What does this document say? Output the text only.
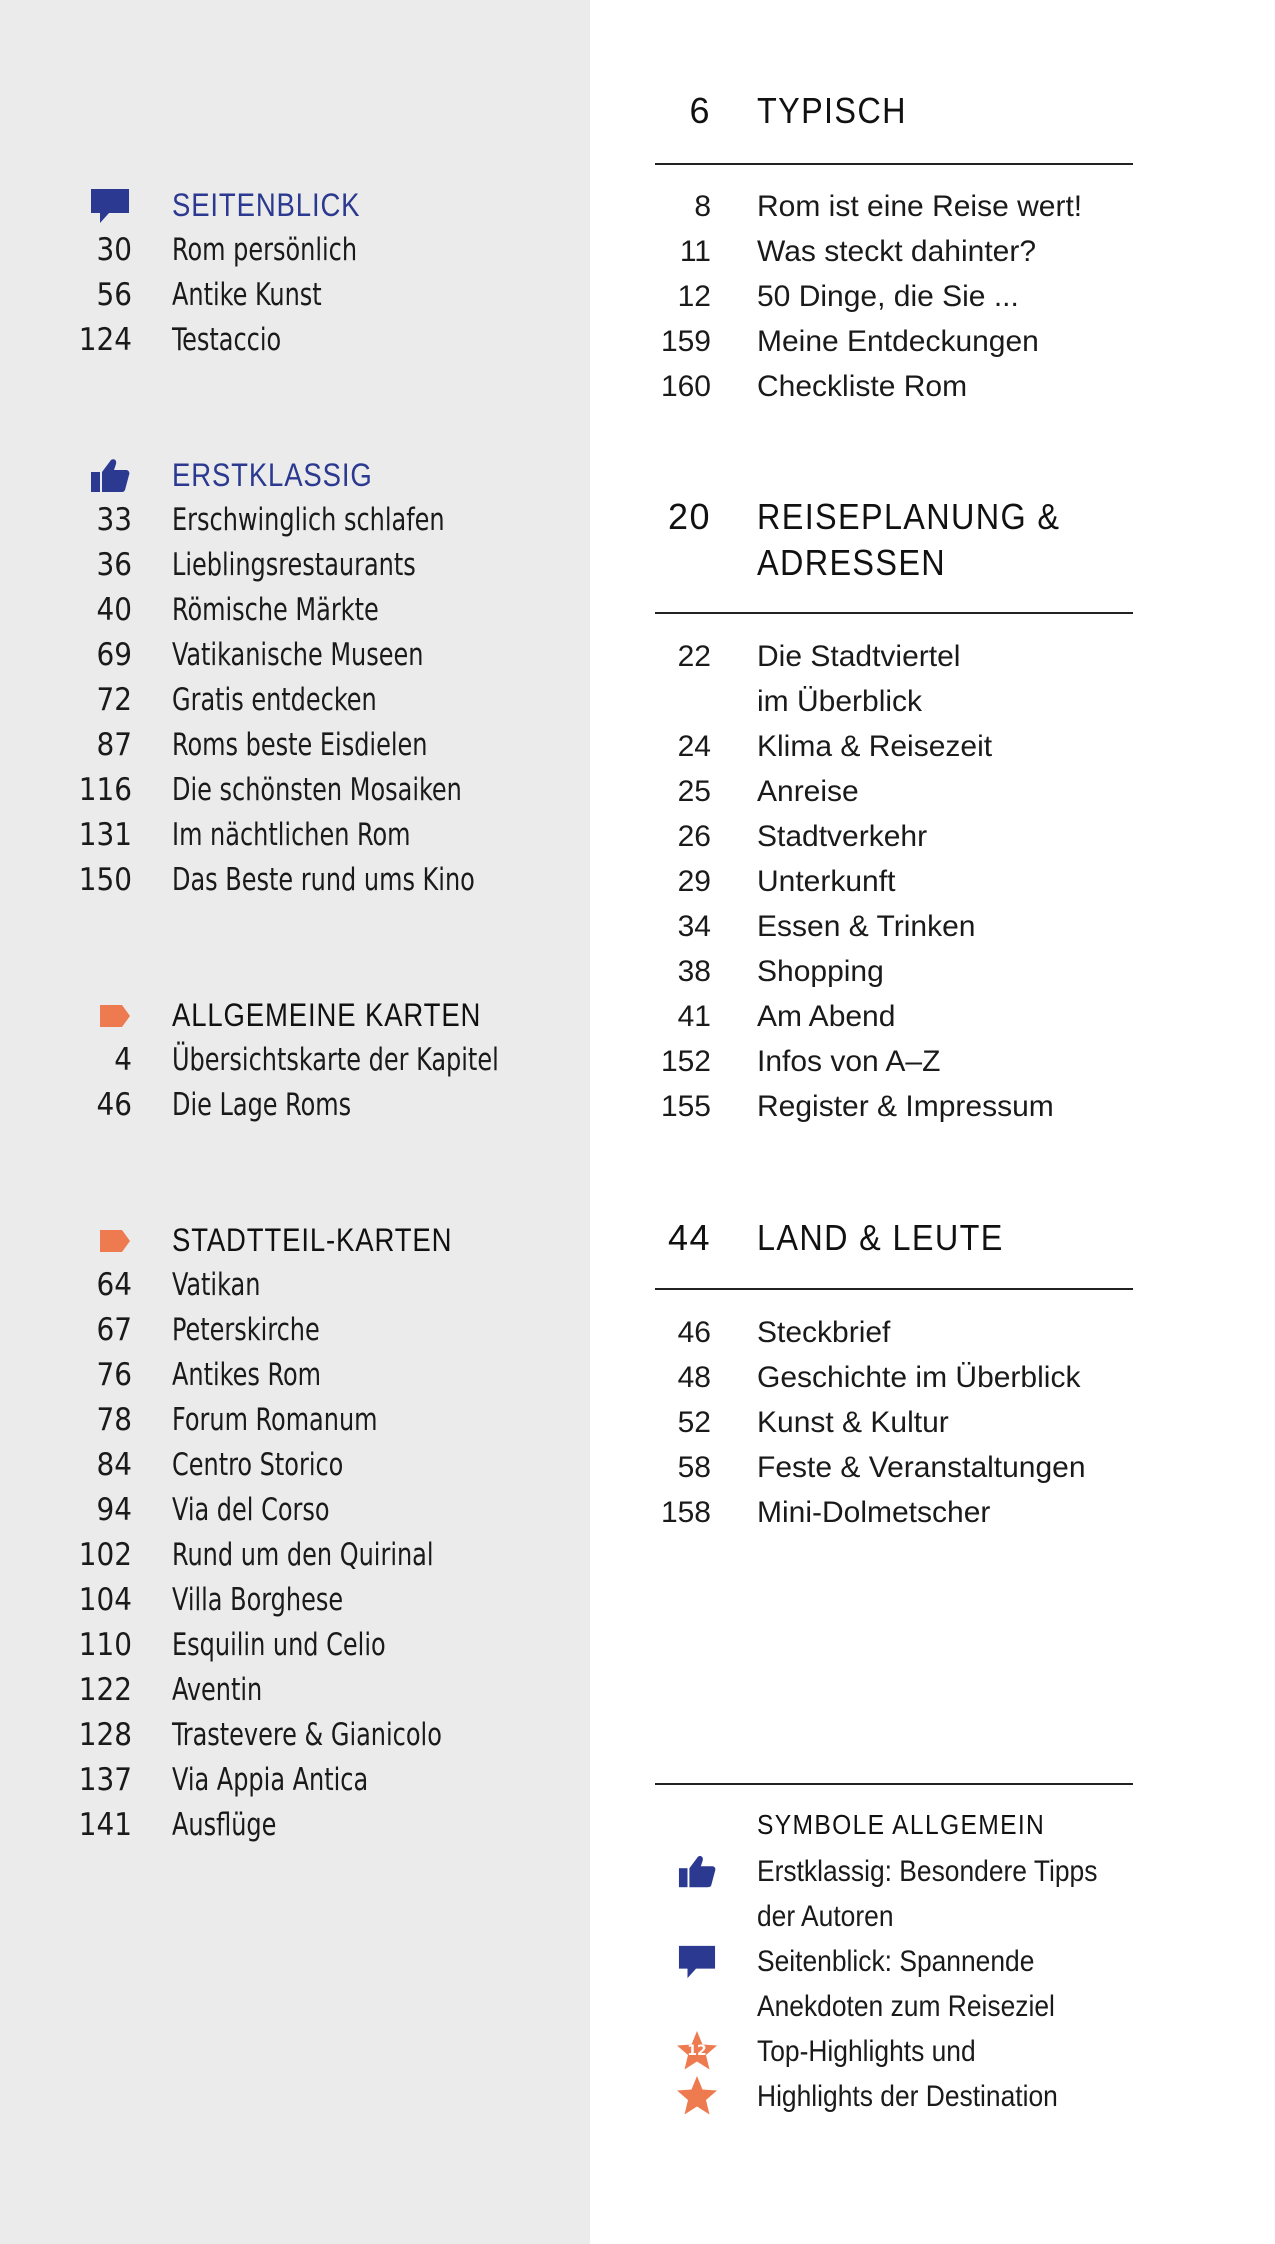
SEITENBLICK
30 Rom persönlich
56 Antike Kunst
124 Testaccio
ERSTKLASSIG
33 Erschwinglich schlafen
36 Lieblingsrestaurants
40 Römische Märkte
69 Vatikanische Museen
72 Gratis entdecken
87 Roms beste Eisdielen
116 Die schönsten Mosaiken
131 Im nächtlichen Rom
150 Das Beste rund ums Kino
ALLGEMEINE KARTEN
4 Übersichtskarte der Kapitel
46 Die Lage Roms
STADTTEIL-KARTEN
64 Vatikan
67 Peterskirche
76 Antikes Rom
78 Forum Romanum
84 Centro Storico
94 Via del Corso
102 Rund um den Quirinal
104 Villa Borghese
110 Esquilin und Celio
122 Aventin
128 Trastevere & Gianicolo
137 Via Appia Antica
141 Ausflüge
6 TYPISCH
8 Rom ist eine Reise wert!
11 Was steckt dahinter?
12 50 Dinge, die Sie ...
159 Meine Entdeckungen
160 Checkliste Rom
20 REISEPLANUNG &
ADRESSEN
22 Die Stadtviertel
im Überblick
24 Klima & Reisezeit
25 Anreise
26 Stadtverkehr
29 Unterkunft
34 Essen & Trinken
38 Shopping
41 Am Abend
152 Infos von A–Z
155 Register & Impressum
44 LAND & LEUTE
46 Steckbrief
48 Geschichte im Überblick
52 Kunst & Kultur
58 Feste & Veranstaltungen
158 Mini-Dolmetscher
SYMBOLE ALLGEMEIN
12
Erstklassig: Besondere Tipps
der Autoren
Seitenblick: Spannende
Anekdoten zum Reiseziel
Top-Highlights und
Highlights der Destination
